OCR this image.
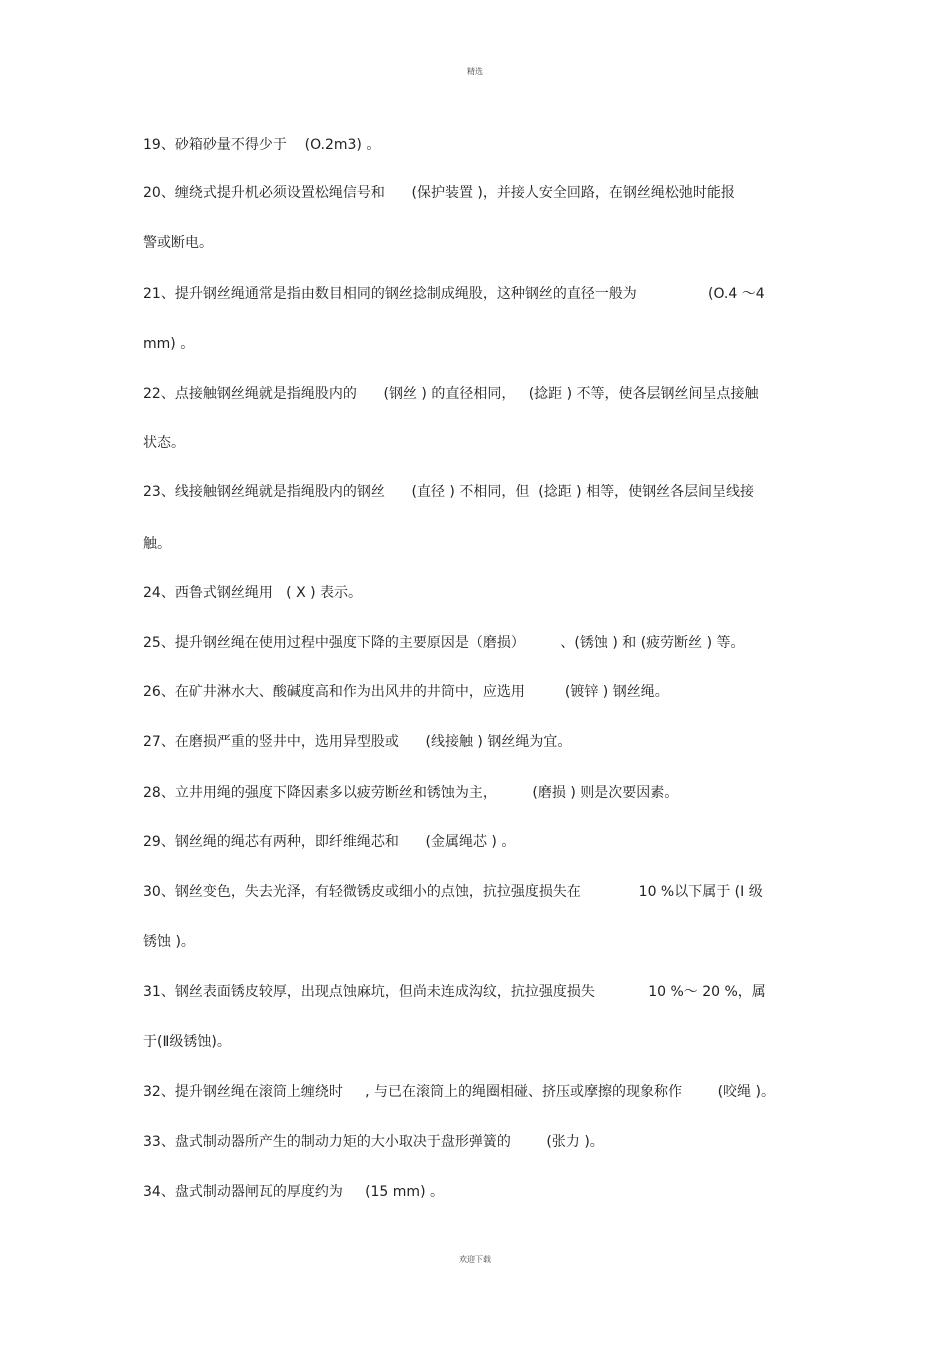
精选
19、砂箱砂量不得少于    (O.2m3) 。
20、缠绕式提升机必须设置松绳信号和      (保护装置 )，并接人安全回路，在钢丝绳松弛时能报
警或断电。
21、提升钢丝绳通常是指由数目相同的钢丝捻制成绳股，这种钢丝的直径一般为                (O.4 ～4
mm) 。
22、点接触钢丝绳就是指绳股内的      (钢丝 ) 的直径相同，   (捻距 ) 不等，使各层钢丝间呈点接触
状态。
23、线接触钢丝绳就是指绳股内的钢丝      (直径 ) 不相同，但  (捻距 ) 相等，使钢丝各层间呈线接
触。
24、西鲁式钢丝绳用   ( X ) 表示。
25、提升钢丝绳在使用过程中强度下降的主要原因是（磨损）        、(锈蚀 ) 和 (疲劳断丝 ) 等。
26、在矿井淋水大、酸碱度高和作为出风井的井筒中，应选用         (镀锌 ) 钢丝绳。
27、在磨损严重的竖井中，选用异型股或      (线接触 ) 钢丝绳为宜。
28、立井用绳的强度下降因素多以疲劳断丝和锈蚀为主，        (磨损 ) 则是次要因素。
29、钢丝绳的绳芯有两种，即纤维绳芯和      (金属绳芯 ) 。
30、钢丝变色，失去光泽，有轻微锈皮或细小的点蚀，抗拉强度损失在             10 %以下属于 (I 级
锈蚀 )。
31、钢丝表面锈皮较厚，出现点蚀麻坑，但尚未连成沟纹，抗拉强度损失            10 %～ 20 %，属
于(Ⅱ级锈蚀)。
32、提升钢丝绳在滚筒上缠绕时     , 与已在滚筒上的绳圈相碰、挤压或摩擦的现象称作        (咬绳 )。
33、盘式制动器所产生的制动力矩的大小取决于盘形弹簧的        (张力 )。
34、盘式制动器闸瓦的厚度约为     (15 mm) 。
欢迎下载
